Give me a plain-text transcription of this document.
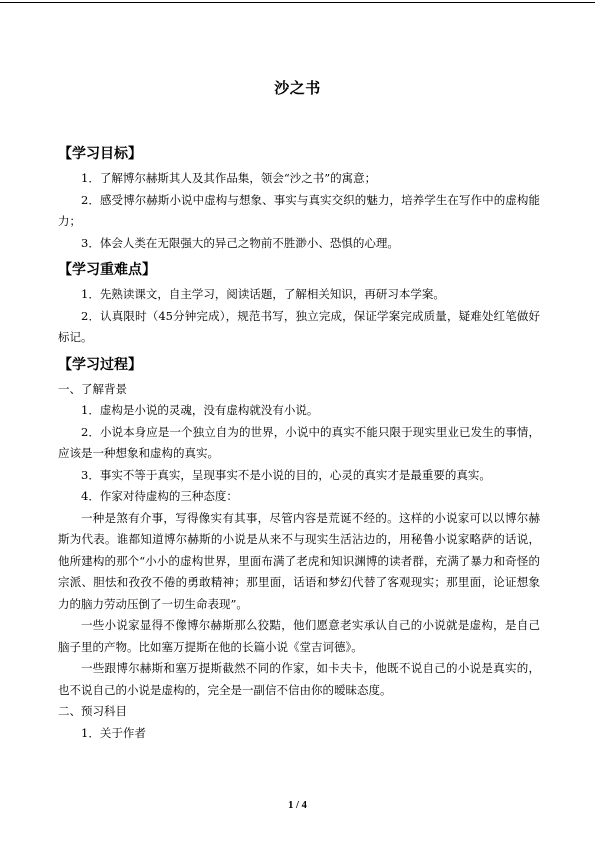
沙之书
【学习目标】

1．了解博尔赫斯其人及其作品集，领会“沙之书”的寓意；

2．感受博尔赫斯小说中虚构与想象、事实与真实交织的魅力，培养学生在写作中的虚构能力；

3．体会人类在无限强大的异己之物前不胜渺小、恐惧的心理。

【学习重难点】

1．先熟读课文，自主学习，阅读话题，了解相关知识，再研习本学案。

2．认真限时（45分钟完成），规范书写，独立完成，保证学案完成质量，疑难处红笔做好标记。

【学习过程】

一、了解背景

1．虚构是小说的灵魂，没有虚构就没有小说。

2．小说本身应是一个独立自为的世界，小说中的真实不能只限于现实里业已发生的事情，应该是一种想象和虚构的真实。

3．事实不等于真实，呈现事实不是小说的目的，心灵的真实才是最重要的真实。

4．作家对待虚构的三种态度：

一种是煞有介事，写得像实有其事，尽管内容是荒诞不经的。这样的小说家可以以博尔赫斯为代表。谁都知道博尔赫斯的小说是从来不与现实生活沾边的，用秘鲁小说家略萨的话说，他所建构的那个“小小的虚构世界，里面布满了老虎和知识渊博的读者群，充满了暴力和奇怪的宗派、胆怯和孜孜不倦的勇敢精神；那里面，话语和梦幻代替了客观现实；那里面，论证想象力的脑力劳动压倒了一切生命表现”。

一些小说家显得不像博尔赫斯那么狡黠，他们愿意老实承认自己的小说就是虚构，是自己脑子里的产物。比如塞万提斯在他的长篇小说《堂吉诃德》。

一些跟博尔赫斯和塞万提斯截然不同的作家，如卡夫卡，他既不说自己的小说是真实的，也不说自己的小说是虚构的，完全是一副信不信由你的暧昧态度。

二、预习科目

1．关于作者

1 / 4
